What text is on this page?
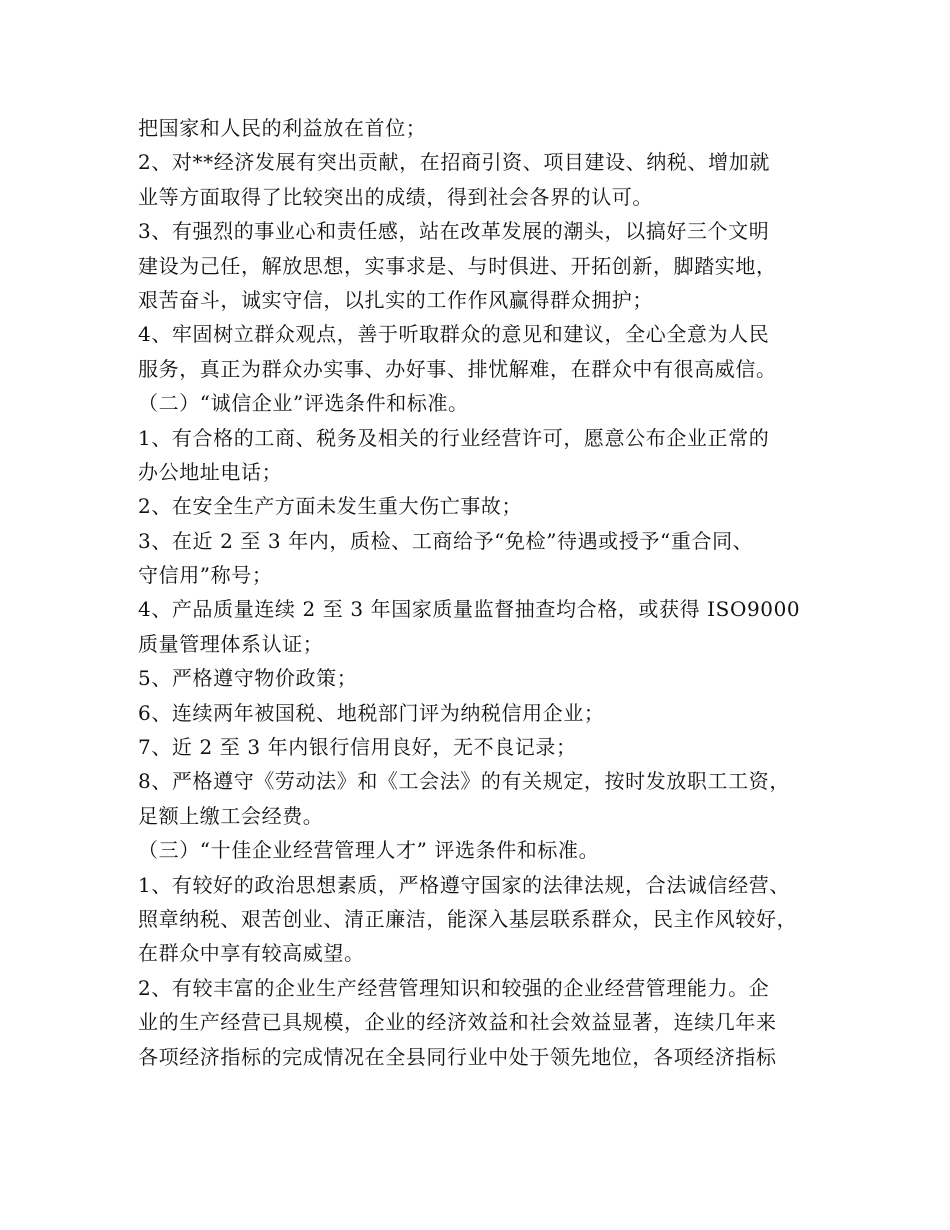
把国家和人民的利益放在首位；
2、对**经济发展有突出贡献，在招商引资、项目建设、纳税、增加就
业等方面取得了比较突出的成绩，得到社会各界的认可。
3、有强烈的事业心和责任感，站在改革发展的潮头，以搞好三个文明
建设为己任，解放思想，实事求是、与时俱进、开拓创新，脚踏实地，
艰苦奋斗，诚实守信，以扎实的工作作风赢得群众拥护；
4、牢固树立群众观点，善于听取群众的意见和建议，全心全意为人民
服务，真正为群众办实事、办好事、排忧解难，在群众中有很高威信。
（二）“诚信企业”评选条件和标准。
1、有合格的工商、税务及相关的行业经营许可，愿意公布企业正常的
办公地址电话；
2、在安全生产方面未发生重大伤亡事故；
3、在近 2 至 3 年内，质检、工商给予“免检”待遇或授予“重合同、
守信用”称号；
4、产品质量连续 2 至 3 年国家质量监督抽查均合格，或获得 ISO9000
质量管理体系认证；
5、严格遵守物价政策；
6、连续两年被国税、地税部门评为纳税信用企业；
7、近 2 至 3 年内银行信用良好，无不良记录；
8、严格遵守《劳动法》和《工会法》的有关规定，按时发放职工工资，
足额上缴工会经费。
（三）“十佳企业经营管理人才” 评选条件和标准。
1、有较好的政治思想素质，严格遵守国家的法律法规，合法诚信经营、
照章纳税、艰苦创业、清正廉洁，能深入基层联系群众，民主作风较好，
在群众中享有较高威望。
2、有较丰富的企业生产经营管理知识和较强的企业经营管理能力。企
业的生产经营已具规模，企业的经济效益和社会效益显著，连续几年来
各项经济指标的完成情况在全县同行业中处于领先地位，各项经济指标
